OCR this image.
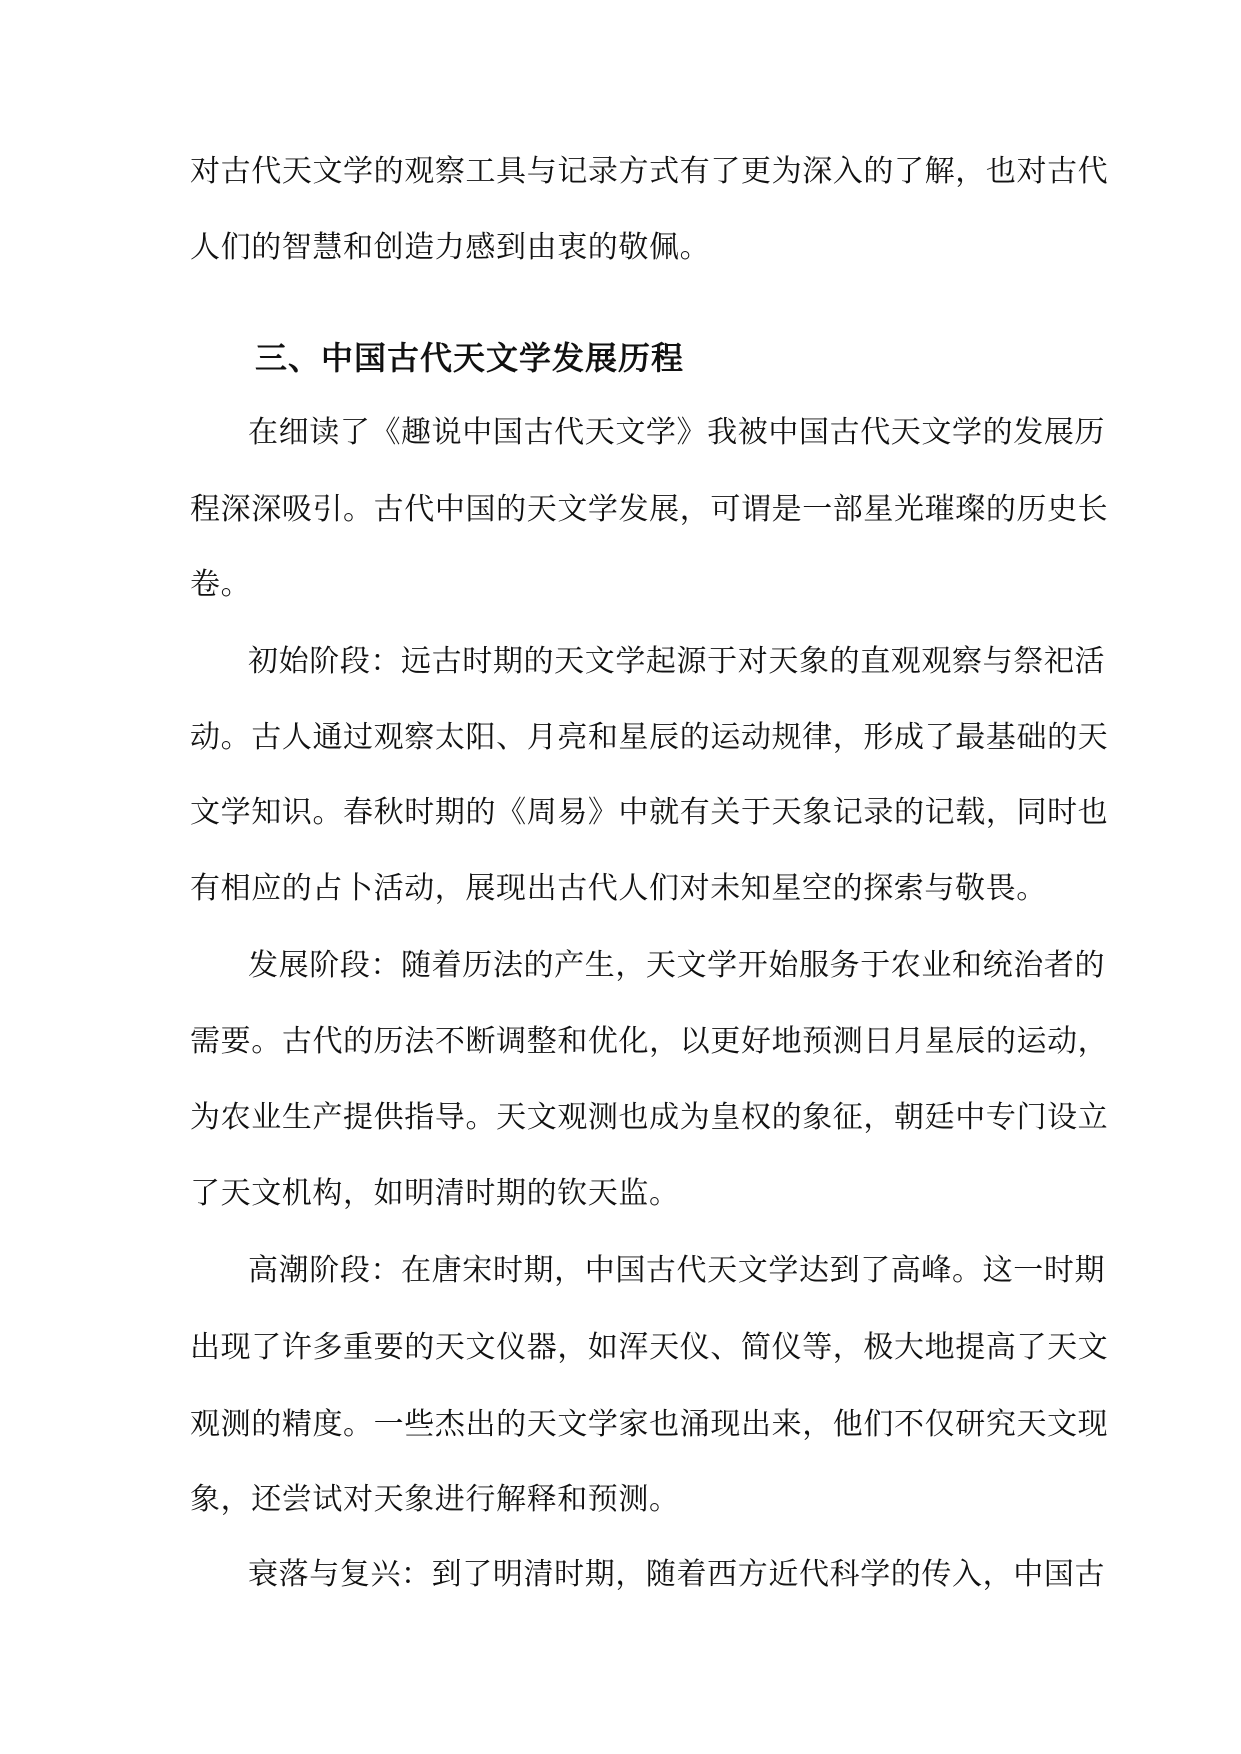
对 古 代 天 文 学 的 观 察 工 具 与 记 录 方 式 有 了 更 为 深 入 的 了 解 ， 也 对 古 代
人们的智慧和创造力感到由衷的敬佩。
三、中国古代天文学发展历程
在 细 读 了 《 趣 说 中 国 古 代 天 文 学 》 我 被 中 国 古 代 天 文 学 的 发 展 历
程 深 深 吸 引 。 古 代 中 国 的 天 文 学 发 展 ， 可 谓 是 一 部 星 光 璀 璨 的 历 史 长
卷。
初 始 阶 段 ： 远 古 时 期 的 天 文 学 起 源 于 对 天 象 的 直 观 观 察 与 祭 祀 活
动 。 古 人 通 过 观 察 太 阳 、 月 亮 和 星 辰 的 运 动 规 律 ， 形 成 了 最 基 础 的 天
文 学 知 识 。 春 秋 时 期 的 《 周 易 》 中 就 有 关 于 天 象 记 录 的 记 载 ， 同 时 也
有相应的占卜活动，展现出古代人们对未知星空的探索与敬畏。
发 展 阶 段 ： 随 着 历 法 的 产 生 ， 天 文 学 开 始 服 务 于 农 业 和 统 治 者 的
需 要 。 古 代 的 历 法 不 断 调 整 和 优 化 ， 以 更 好 地 预 测 日 月 星 辰 的 运 动 ，
为 农 业 生 产 提 供 指 导 。 天 文 观 测 也 成 为 皇 权 的 象 征 ， 朝 廷 中 专 门 设 立
了天文机构，如明清时期的钦天监。
高 潮 阶 段 ： 在 唐 宋 时 期 ， 中 国 古 代 天 文 学 达 到 了 高 峰 。 这 一 时 期
出 现 了 许 多 重 要 的 天 文 仪 器 ， 如 浑 天 仪 、 简 仪 等 ， 极 大 地 提 高 了 天 文
观 测 的 精 度 。 一 些 杰 出 的 天 文 学 家 也 涌 现 出 来 ， 他 们 不 仅 研 究 天 文 现
象，还尝试对天象进行解释和预测。
衰 落 与 复 兴 ： 到 了 明 清 时 期 ， 随 着 西 方 近 代 科 学 的 传 入 ， 中 国 古
